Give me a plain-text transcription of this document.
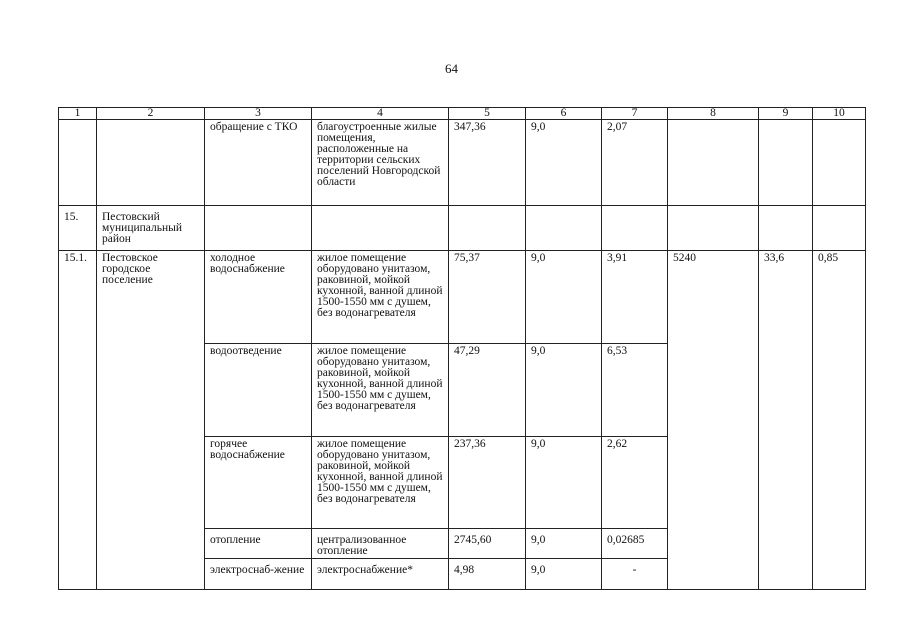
64
1	2	3	4	5	6	7	8	9	10
		обращение с ТКО	благоустроенные жилые помещения, расположенные на территории сельских поселений Новгородской области	347,36	9,0	2,07			
15.	Пестовский муниципальный район								
15.1.	Пестовское городское поселение	холодное водоснабжение	жилое помещение оборудовано унитазом, раковиной, мойкой кухонной, ванной длиной 1500-1550 мм с душем, без водонагревателя	75,37	9,0	3,91	5240	33,6	0,85
		водоотведение	жилое помещение оборудовано унитазом, раковиной, мойкой кухонной, ванной длиной 1500-1550 мм с душем, без водонагревателя	47,29	9,0	6,53			
		горячее водоснабжение	жилое помещение оборудовано унитазом, раковиной, мойкой кухонной, ванной длиной 1500-1550 мм с душем, без водонагревателя	237,36	9,0	2,62			
		отопление	централизованное отопление	2745,60	9,0	0,02685			
		электроснаб-жение	электроснабжение*	4,98	9,0	-			
